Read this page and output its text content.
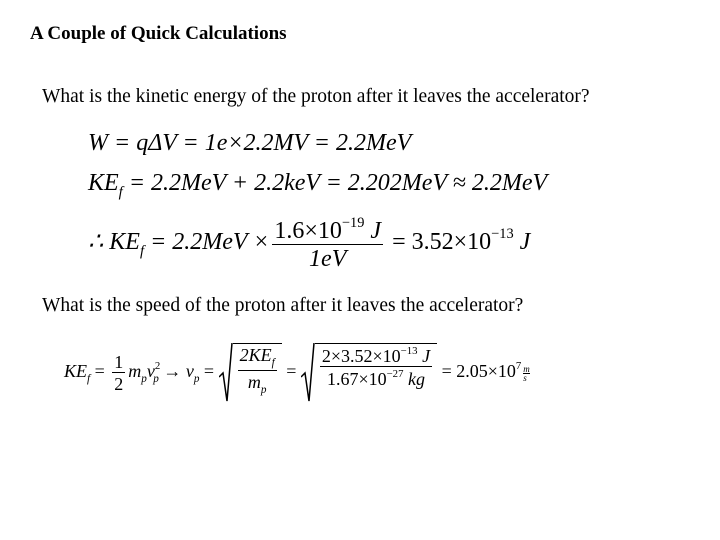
A Couple of Quick Calculations
What is the kinetic energy of the proton after it leaves the accelerator?
W = qΔV = 1e×2.2MV = 2.2MeV
$KE_f = 2.2MeV + 2.2keV = 2.202MeV \approx 2.2MeV$
∴ $KE_f = 2.2MeV \times \frac{1.6\times 10^{-19} J}{1eV} = 3.52\times 10^{-13}$ J
What is the speed of the proton after it leaves the accelerator?
$KE_f = \frac{1}{2} m_pv^2_p \to v_p = \frac{2KE_f}{m_p} = \frac{2\times 3.52\times 10^{-13} J}{1.67\times 10^{-27} kg} = 2.05\times 10^7 \frac{m}{s}$
